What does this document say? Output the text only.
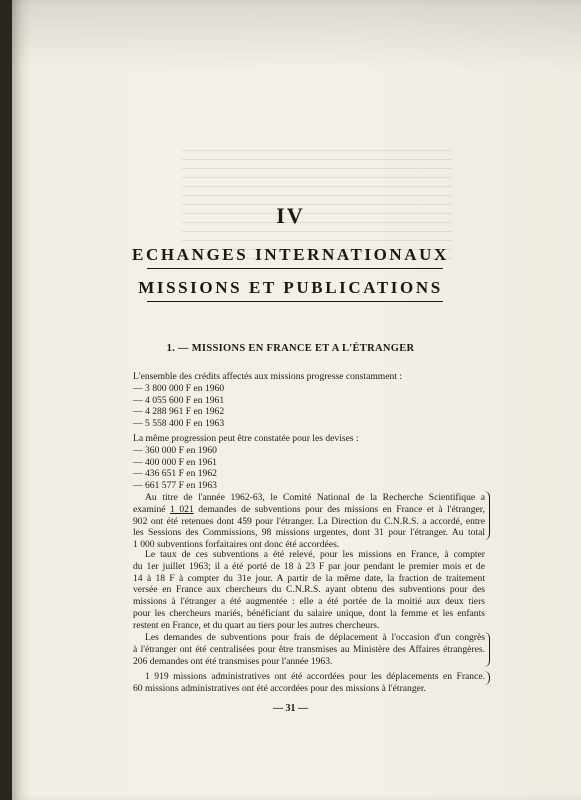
IV
ECHANGES INTERNATIONAUX
MISSIONS ET PUBLICATIONS
1. — MISSIONS EN FRANCE ET A L'ÉTRANGER
L'ensemble des crédits affectés aux missions progresse constamment :
— 3 800 000 F en 1960
— 4 055 600 F en 1961
— 4 288 961 F en 1962
— 5 558 400 F en 1963
La même progression peut être constatée pour les devises :
— 360 000 F en 1960
— 400 000 F en 1961
— 436 651 F en 1962
— 661 577 F en 1963
Au titre de l'année 1962-63, le Comité National de la Recherche Scientifique a
examiné 1 021 demandes de subventions pour des missions en France et à l'étranger,
902 ont été retenues dont 459 pour l'étranger. La Direction du C.N.R.S. a accordé, entre
les Sessions des Commissions, 98 missions urgentes, dont 31 pour l'étranger. Au total
1 000 subventions forfaitaires ont donc été accordées.
Le taux de ces subventions a été relevé, pour les missions en France, à compter
du 1er juillet 1963; il a été porté de 18 à 23 F par jour pendant le premier mois et de
14 à 18 F à compter du 31e jour. A partir de la même date, la fraction de traitement
versée en France aux chercheurs du C.N.R.S. ayant obtenu des subventions pour des
missions à l'étranger a été augmentée : elle a été portée de la moitié aux deux tiers
pour les chercheurs mariés, bénéficiant du salaire unique, dont la femme et les enfants
restent en France, et du quart au tiers pour les autres chercheurs.
Les demandes de subventions pour frais de déplacement à l'occasion d'un congrès
à l'étranger ont été centralisées pour être transmises au Ministère des Affaires étrangères.
206 demandes ont été transmises pour l'année 1963.
1 919 missions administratives ont été accordées pour les déplacements en France.
60 missions administratives ont été accordées pour des missions à l'étranger.
— 31 —
